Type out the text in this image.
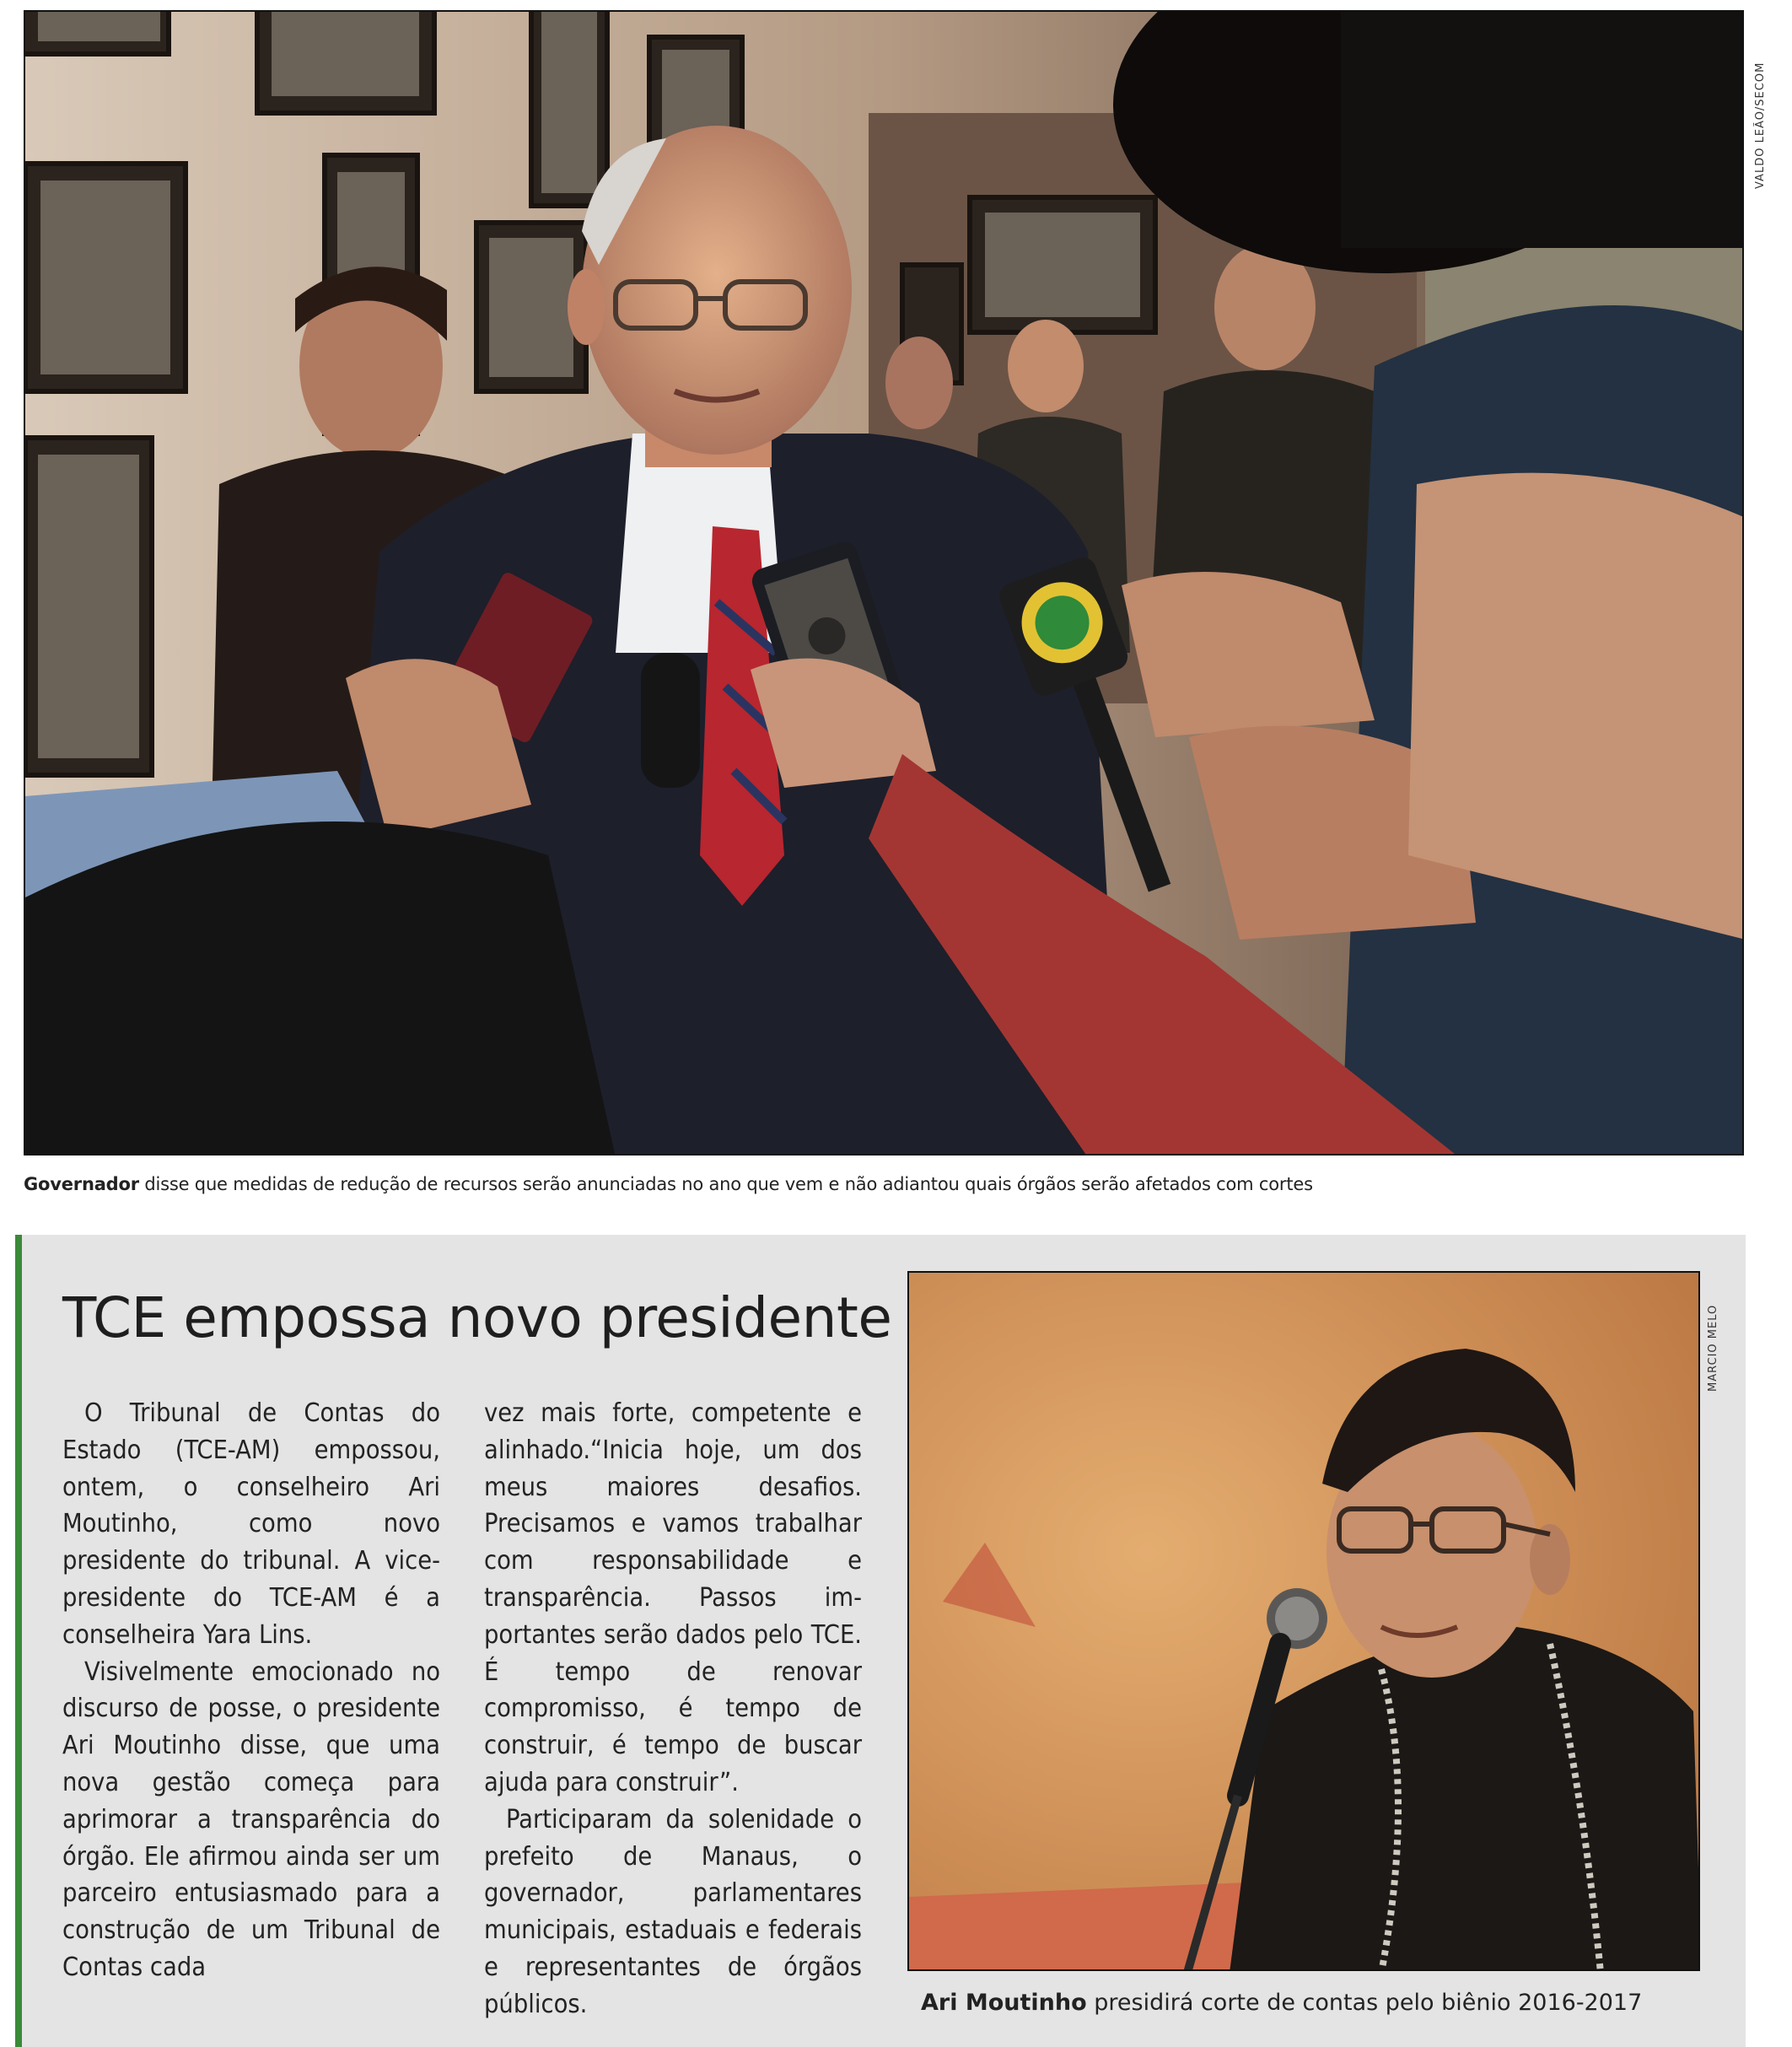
VALDO LEÃO/SECOM
Governador disse que medidas de redução de recursos serão anunciadas no ano que vem e não adiantou quais órgãos serão afetados com cortes
TCE empossa novo presidente

O Tribunal de Contas do Estado (TCE-AM) empossou, ontem, o conselheiro Ari Moutinho, como novo presidente do tribunal. A vice-presidente do TCE-AM é a conselheira Yara Lins.

Visivelmente emocionado no discurso de posse, o presidente Ari Moutinho disse, que uma nova gestão começa para aprimorar a transparência do órgão. Ele afirmou ainda ser um parceiro entusiasmado para a construção de um Tribunal de Contas cada

vez mais forte, competente e alinhado.“Inicia hoje, um dos meus maiores desafios. Precisamos e vamos trabalhar com responsabilidade e transparência. Passos importantes serão dados pelo TCE. É tempo de renovar compromisso, é tempo de construir, é tempo de buscar ajuda para construir”.

Participaram da solenidade o prefeito de Manaus, o governador, parlamentares municipais, estaduais e federais e representantes de órgãos públicos.

MARCIO MELO
Ari Moutinho presidirá corte de contas pelo biênio 2016-2017
